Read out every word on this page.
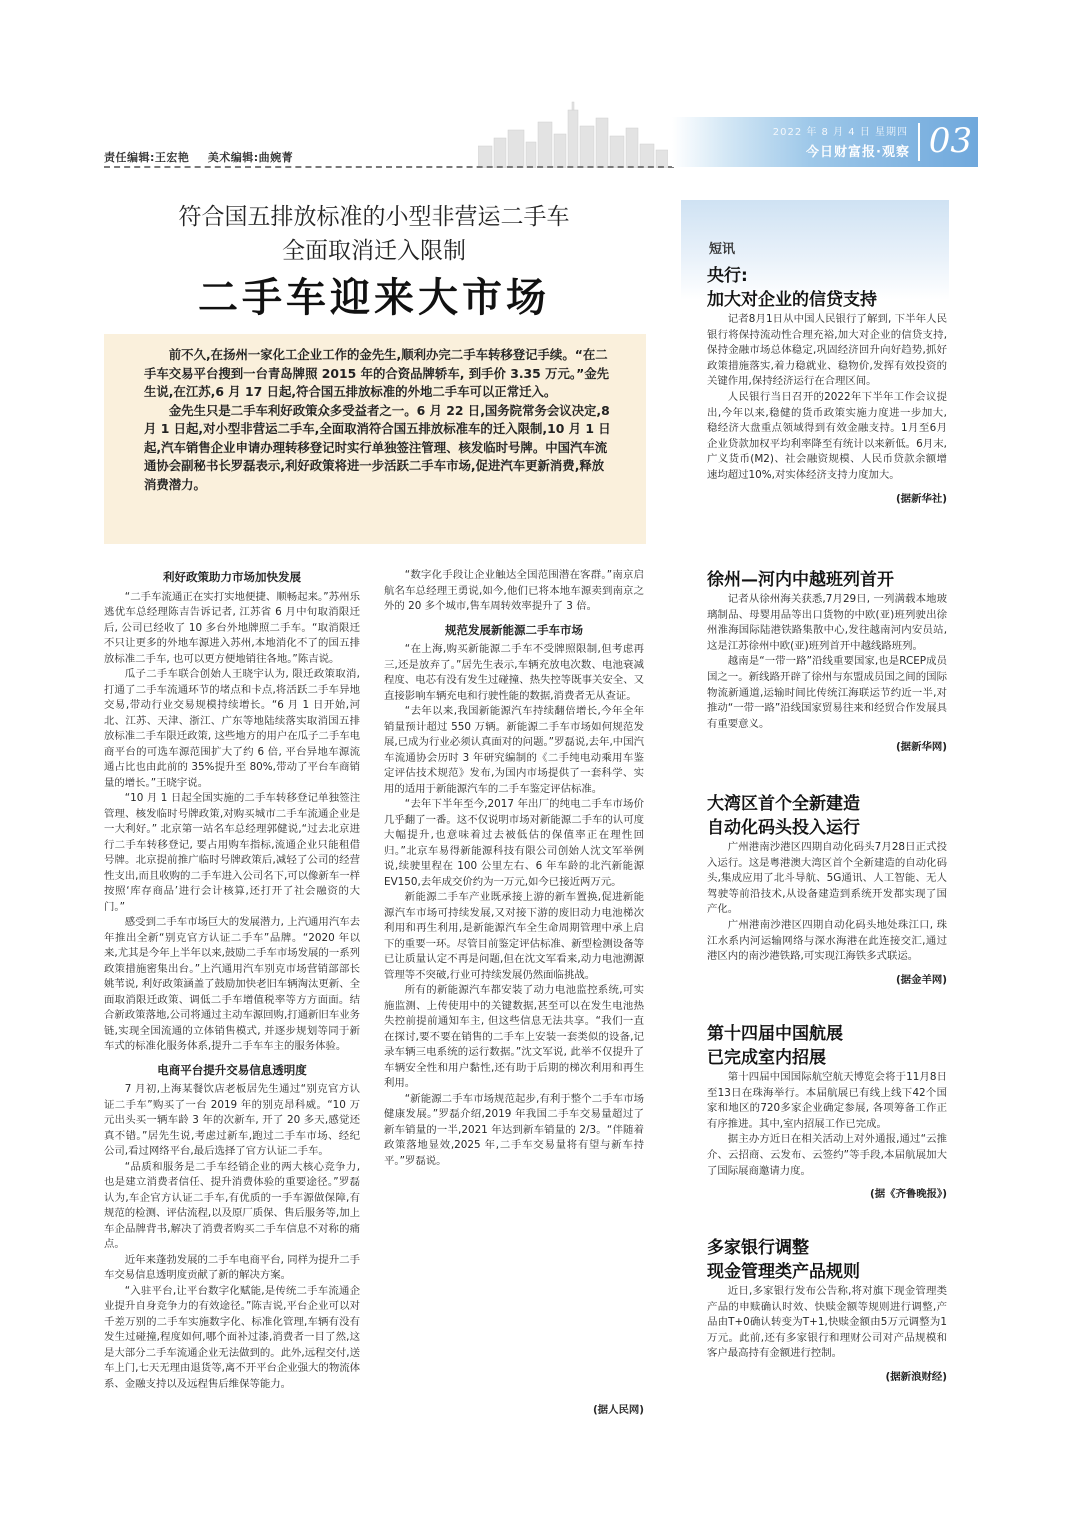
责任编辑:王宏艳 美术编辑:曲婉菁
2022 年 8 月 4 日 星期四
今日财富报·观察 03
符合国五排放标准的小型非营运二手车
全面取消迁入限制
二手车迎来大市场

前不久,在扬州一家化工企业工作的金先生,顺利办完二手车转移登记手续。“在二手车交易平台搜到一台青岛牌照 2015 年的合资品牌轿车, 到手价 3.35 万元。”金先生说,在江苏,6 月 17 日起,符合国五排放标准的外地二手车可以正常迁入。

金先生只是二手车利好政策众多受益者之一。6 月 22 日,国务院常务会议决定,8 月 1 日起,对小型非营运二手车,全面取消符合国五排放标准车的迁入限制,10 月 1 日起,汽车销售企业申请办理转移登记时实行单独签注管理、核发临时号牌。中国汽车流通协会副秘书长罗磊表示,利好政策将进一步活跃二手车市场,促进汽车更新消费,释放消费潜力。

利好政策助力市场加快发展

“二手车流通正在实打实地便捷、顺畅起来。”苏州乐逃优车总经理陈吉告诉记者, 江苏省 6 月中旬取消限迁后, 公司已经收了 10 多台外地牌照二手车。“取消限迁不只让更多的外地车源进入苏州,本地消化不了的国五排放标准二手车, 也可以更方便地销往各地。”陈吉说。

瓜子二手车联合创始人王晓宇认为, 限迁政策取消,打通了二手车流通环节的堵点和卡点,将活跃二手车异地交易,带动行业交易规模持续增长。“6 月 1 日开始,河北、江苏、天津、浙江、广东等地陆续落实取消国五排放标准二手车限迁政策, 这些地方的用户在瓜子二手车电商平台的可选车源范围扩大了约 6 倍, 平台异地车源流通占比也由此前的 35%提升至 80%,带动了平台车商销量的增长。”王晓宇说。

“10 月 1 日起全国实施的二手车转移登记单独签注管理、核发临时号牌政策,对购买城市二手车流通企业是一大利好。” 北京第一站名车总经理郭健说,“过去北京进行二手车转移登记, 要占用购车指标,流通企业只能租借号牌。北京提前推广临时号牌政策后,减轻了公司的经营性支出,而且收购的二手车进入公司名下,可以像新车一样按照‘库存商品’进行会计核算,还打开了社会融资的大门。”

感受到二手车市场巨大的发展潜力, 上汽通用汽车去年推出全新“别克官方认证二手车”品牌。“2020 年以来,尤其是今年上半年以来,鼓励二手车市场发展的一系列政策措施密集出台。”上汽通用汽车别克市场营销部部长姚苇说, 利好政策涵盖了鼓励加快老旧车辆淘汰更新、全面取消限迁政策、调低二手车增值税率等方方面面。结合新政策落地,公司将通过主动车源回购,打通新旧车业务链,实现全国流通的立体销售模式, 并逐步规划等同于新车式的标准化服务体系,提升二手车车主的服务体验。

电商平台提升交易信息透明度

7 月初,上海某餐饮店老板居先生通过“别克官方认证二手车”购买了一台 2019 年的别克昂科威。“10 万元出头买一辆车龄 3 年的次新车, 开了 20 多天,感觉还真不错。”居先生说,考虑过新车,跑过二手车市场、经纪公司,看过网络平台,最后选择了官方认证二手车。

“品质和服务是二手车经销企业的两大核心竞争力,也是建立消费者信任、提升消费体验的重要途径。”罗磊认为,车企官方认证二手车,有优质的一手车源做保障,有规范的检测、评估流程,以及原厂质保、售后服务等,加上车企品牌背书,解决了消费者购买二手车信息不对称的痛点。

近年来蓬勃发展的二手车电商平台, 同样为提升二手车交易信息透明度贡献了新的解决方案。

“入驻平台,让平台数字化赋能,是传统二手车流通企业提升自身竞争力的有效途径。”陈吉说,平台企业可以对千差万别的二手车实施数字化、标准化管理,车辆有没有发生过碰撞,程度如何,哪个面补过漆,消费者一目了然,这是大部分二手车流通企业无法做到的。此外,远程交付,送车上门,七天无理由退货等,离不开平台企业强大的物流体系、金融支持以及远程售后维保等能力。

“数字化手段让企业触达全国范围潜在客群。”南京启航名车总经理王勇说,如今,他们已将本地车源卖到南京之外的 20 多个城市,售车周转效率提升了 3 倍。

规范发展新能源二手车市场

“在上海,购买新能源二手车不受牌照限制,但考虑再三,还是放弃了。”居先生表示,车辆充放电次数、电池衰减程度、电芯有没有发生过碰撞、热失控等既事关安全、又直接影响车辆充电和行驶性能的数据,消费者无从查证。

“去年以来,我国新能源汽车持续翻倍增长,今年全年销量预计超过 550 万辆。新能源二手车市场如何规范发展,已成为行业必须认真面对的问题。”罗磊说,去年,中国汽车流通协会历时 3 年研究编制的《二手纯电动乘用车鉴定评估技术规范》发布,为国内市场提供了一套科学、实用的适用于新能源汽车的二手车鉴定评估标准。

“去年下半年至今,2017 年出厂的纯电二手车市场价几乎翻了一番。这不仅说明市场对新能源二手车的认可度大幅提升,也意味着过去被低估的保值率正在理性回归。”北京车易得新能源科技有限公司创始人沈文军举例说,续驶里程在 100 公里左右、6 年车龄的北汽新能源 EV150,去年成交价约为一万元,如今已接近两万元。

新能源二手车产业既承接上游的新车置换,促进新能源汽车市场可持续发展,又对接下游的废旧动力电池梯次利用和再生利用,是新能源汽车全生命周期管理中承上启下的重要一环。尽管目前鉴定评估标准、新型检测设备等已让质量认定不再是问题,但在沈文军看来,动力电池溯源管理等不突破,行业可持续发展仍然面临挑战。

所有的新能源汽车都安装了动力电池监控系统,可实施监测、上传使用中的关键数据,甚至可以在发生电池热失控前提前通知车主, 但这些信息无法共享。“我们一直在探讨,要不要在销售的二手车上安装一套类似的设备,记录车辆三电系统的运行数据。”沈文军说, 此举不仅提升了车辆安全性和用户黏性,还有助于后期的梯次利用和再生利用。

“新能源二手车市场规范起步,有利于整个二手车市场健康发展。”罗磊介绍,2019 年我国二手车交易量超过了新车销量的一半,2021 年达到新车销量的 2/3。“伴随着政策落地显效,2025 年,二手车交易量将有望与新车持平。”罗磊说。

(据人民网)
短讯
央行:
加大对企业的信贷支持

记者8月1日从中国人民银行了解到, 下半年人民银行将保持流动性合理充裕,加大对企业的信贷支持,保持金融市场总体稳定,巩固经济回升向好趋势,抓好政策措施落实,着力稳就业、稳物价,发挥有效投资的关键作用,保持经济运行在合理区间。

人民银行当日召开的2022年下半年工作会议提出,今年以来,稳健的货币政策实施力度进一步加大, 稳经济大盘重点领域得到有效金融支持。1月至6月企业贷款加权平均利率降至有统计以来新低。6月末,广义货币(M2)、社会融资规模、人民币贷款余额增速均超过10%,对实体经济支持力度加大。

(据新华社)
徐州—河内中越班列首开

记者从徐州海关获悉,7月29日, 一列满载本地玻璃制品、母婴用品等出口货物的中欧(亚)班列驶出徐州淮海国际陆港铁路集散中心,发往越南河内安员站,这是江苏徐州中欧(亚)班列首开中越线路班列。

越南是“一带一路”沿线重要国家,也是RCEP成员国之一。新线路开辟了徐州与东盟成员国之间的国际物流新通道,运输时间比传统江海联运节约近一半,对推动“一带一路”沿线国家贸易往来和经贸合作发展具有重要意义。

(据新华网)
大湾区首个全新建造
自动化码头投入运行

广州港南沙港区四期自动化码头7月28日正式投入运行。这是粤港澳大湾区首个全新建造的自动化码头,集成应用了北斗导航、5G通讯、人工智能、无人驾驶等前沿技术,从设备建造到系统开发都实现了国产化。

广州港南沙港区四期自动化码头地处珠江口, 珠江水系内河运输网络与深水海港在此连接交汇,通过港区内的南沙港铁路,可实现江海铁多式联运。

(据金羊网)
第十四届中国航展
已完成室内招展

第十四届中国国际航空航天博览会将于11月8日至13日在珠海举行。本届航展已有线上线下42个国家和地区的720多家企业确定参展, 各项筹备工作正有序推进。其中,室内招展工作已完成。

据主办方近日在相关活动上对外通报,通过“云推介、云招商、云发布、云签约”等手段,本届航展加大了国际展商邀请力度。

(据《齐鲁晚报》)
多家银行调整
现金管理类产品规则

近日,多家银行发布公告称,将对旗下现金管理类产品的申赎确认时效、快赎金额等规则进行调整,产品由T+0确认转变为T+1,快赎金额由5万元调整为1万元。此前,还有多家银行和理财公司对产品规模和客户最高持有金额进行控制。

(据新浪财经)
